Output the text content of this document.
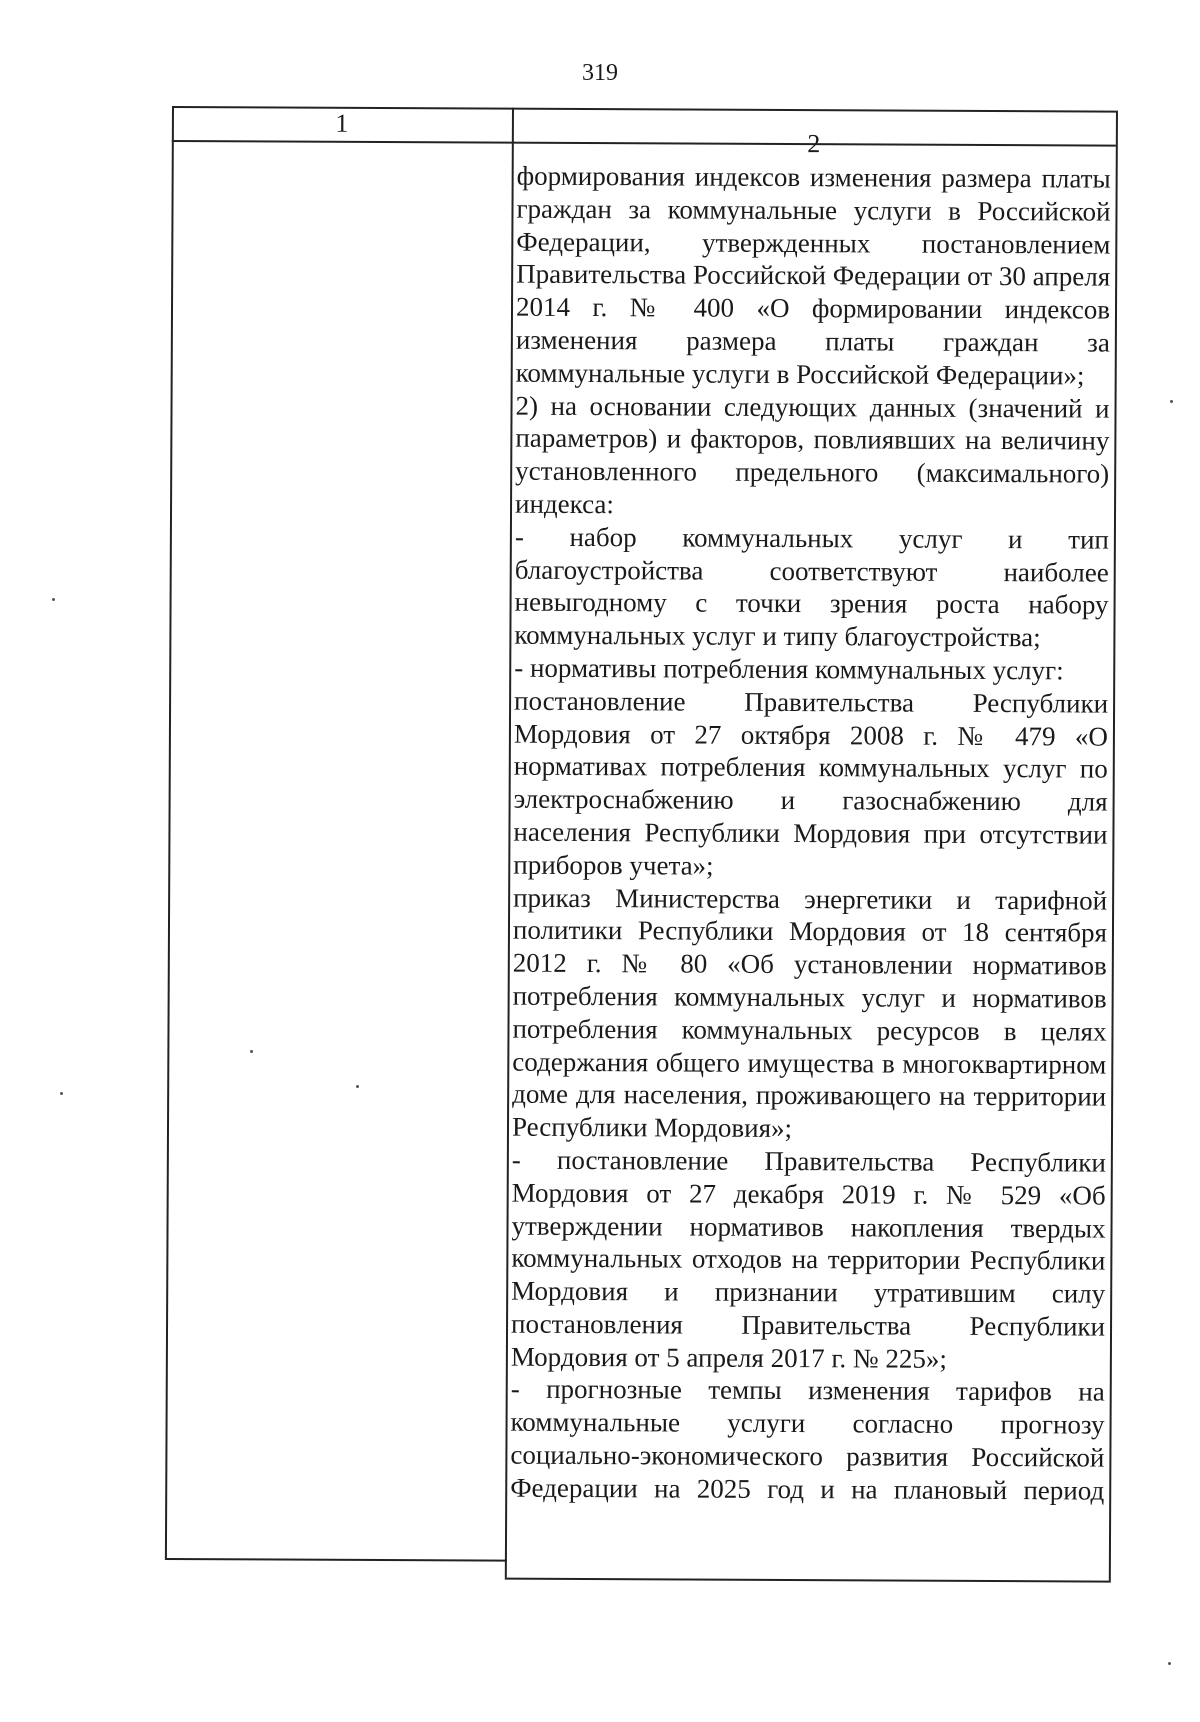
319
1
2

формирования индексов изменения размера платы граждан за коммунальные услуги в Российской Федерации, утвержденных постановлением Правительства Российской Федерации от 30 апреля 2014 г. № 400 «О формировании индексов изменения размера платы граждан за коммунальные услуги в Российской Федерации»;

2) на основании следующих данных (значений и параметров) и факторов, повлиявших на величину установленного предельного (максимального) индекса:

- набор коммунальных услуг и тип благоустройства соответствуют наиболее невыгодному с точки зрения роста набору коммунальных услуг и типу благоустройства;

- нормативы потребления коммунальных услуг:

постановление Правительства Республики Мордовия от 27 октября 2008 г. № 479 «О нормативах потребления коммунальных услуг по электроснабжению и газоснабжению для населения Республики Мордовия при отсутствии приборов учета»;

приказ Министерства энергетики и тарифной политики Республики Мордовия от 18 сентября 2012 г. № 80 «Об установлении нормативов потребления коммунальных услуг и нормативов потребления коммунальных ресурсов в целях содержания общего имущества в многоквартирном доме для населения, проживающего на территории Республики Мордовия»;

- постановление Правительства Республики Мордовия от 27 декабря 2019 г. № 529 «Об утверждении нормативов накопления твердых коммунальных отходов на территории Республики Мордовия и признании утратившим силу постановления Правительства Республики Мордовия от 5 апреля 2017 г. № 225»;

- прогнозные темпы изменения тарифов на коммунальные услуги согласно прогнозу социально-экономического развития Российской Федерации на 2025 год и на плановый период
